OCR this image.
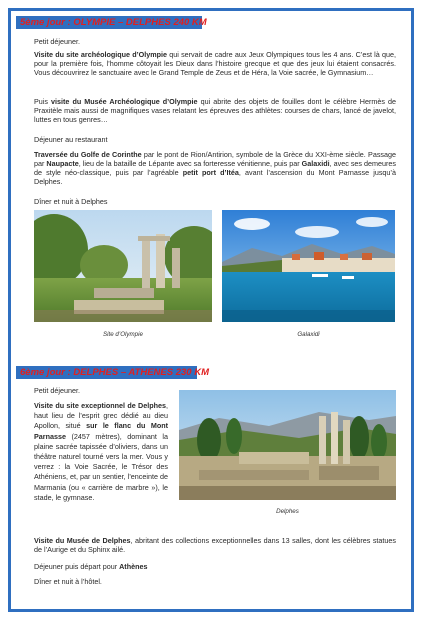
5ème jour : OLYMPIE – DELPHES 240 KM
Petit déjeuner.
Visite du site archéologique d’Olympie qui servait de cadre aux Jeux Olympiques tous les 4 ans. C’est là que, pour la première fois, l’homme côtoyait les Dieux dans l’histoire grecque et que des jeux lui étaient consacrés. Vous découvrirez le sanctuaire avec le Grand Temple de Zeus et de Héra, la Voie sacrée, le Gymnasium…
Puis visite du Musée Archéologique d’Olympie qui abrite des objets de fouilles dont le célèbre Hermès de Praxitèle mais aussi de magnifiques vases relatant les épreuves des athlètes: courses de chars, lancé de javelot, luttes en tous genres…
Déjeuner au restaurant
Traversée du Golfe de Corinthe par le pont de Rion/Antirion, symbole de la Grèce du XXI-ème siècle. Passage par Naupacte, lieu de la bataille de Lépante avec sa forteresse vénitienne, puis par Galaxidi, avec ses demeures de style néo-classique, puis par l’agréable petit port d’Itéa, avant l’ascension du Mont Parnasse jusqu’à Delphes.
Dîner et nuit à Delphes
Site d’Olympie	Galaxidi
6ème jour : DELPHES – ATHENES 230 KM
Petit déjeuner.
Visite du site exceptionnel de Delphes, haut lieu de l’esprit grec dédié au dieu Apollon, situé sur le flanc du Mont Parnasse (2457 mètres), dominant la plaine sacrée tapissée d’oliviers, dans un théâtre naturel tourné vers la mer. Vous y verrez : la Voie Sacrée, le Trésor des Athéniens, et, par un sentier, l’enceinte de Marmania (ou « carrière de marbre »), le stade, le gymnase.
Delphes
Visite du Musée de Delphes, abritant des collections exceptionnelles dans 13 salles, dont les célèbres statues de l’Aurige et du Sphinx ailé.
Déjeuner puis départ pour Athènes
Dîner et nuit à l’hôtel.
